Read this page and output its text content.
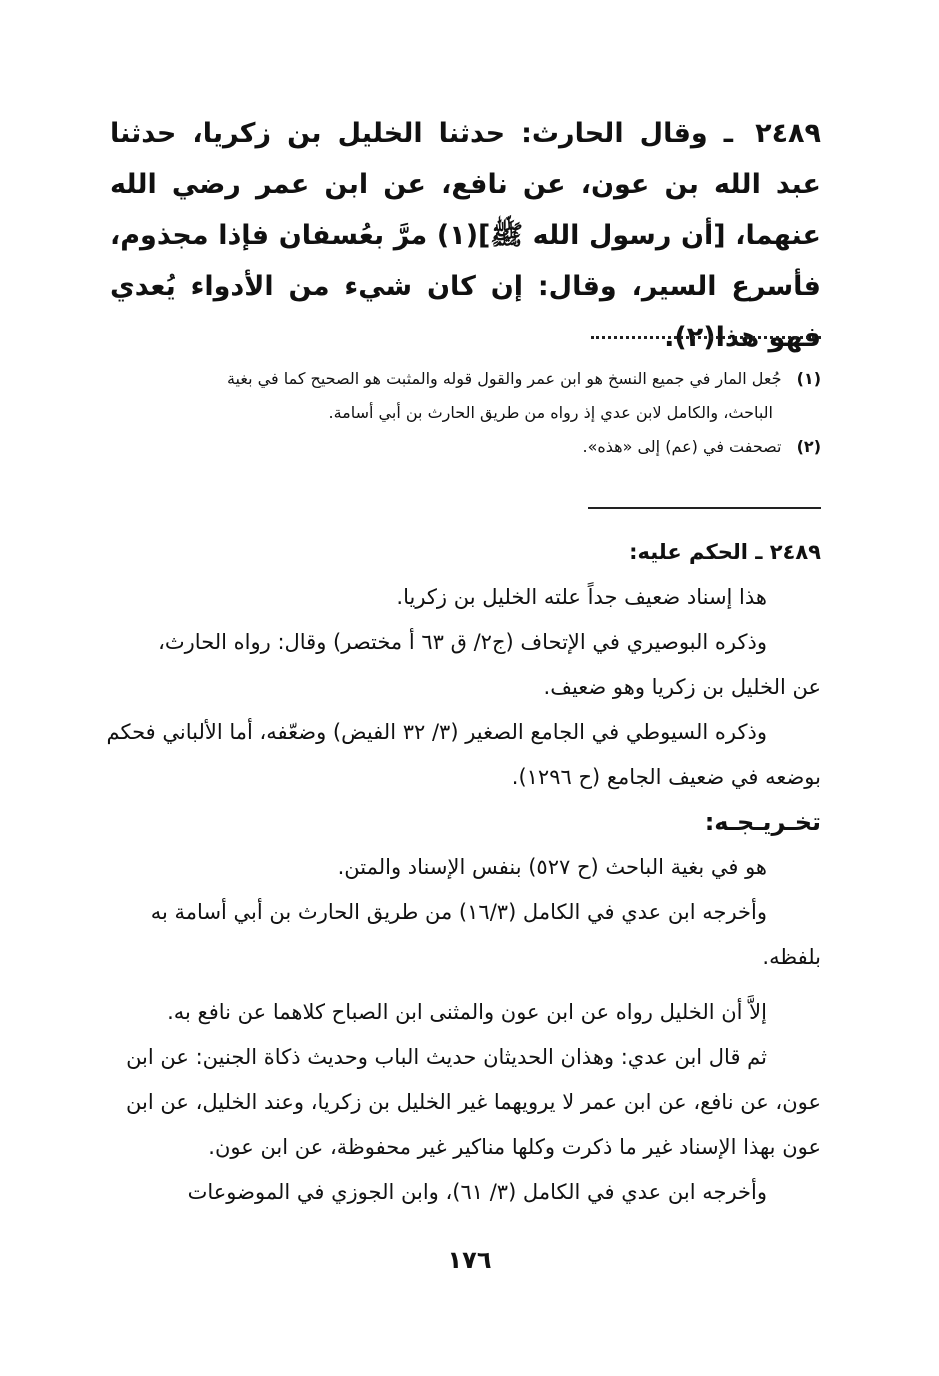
٢٤٨٩ ـ وقال الحارث: حدثنا الخليل بن زكريا، حدثنا عبد الله بن عون، عن نافع، عن ابن عمر رضي الله عنهما، [أن رسول الله ﷺ](١) مرَّ بعُسفان فإذا مجذوم، فأسرع السير، وقال: إن كان شيء من الأدواء يُعدي فهو هذا(٢).

(١) جُعل المار في جميع النسخ هو ابن عمر والقول قوله والمثبت هو الصحيح كما في بغية

الباحث، والكامل لابن عدي إذ رواه من طريق الحارث بن أبي أسامة.

(٢) تصحفت في (عم) إلى «هذه».

٢٤٨٩ ـ الحكم عليه:

هذا إسناد ضعيف جداً علته الخليل بن زكريا.

وذكره البوصيري في الإتحاف (ج٢/ ق ٦٣ أ مختصر) وقال: رواه الحارث،

عن الخليل بن زكريا وهو ضعيف.

وذكره السيوطي في الجامع الصغير (٣/ ٣٢ الفيض) وضعّفه، أما الألباني فحكم

بوضعه في ضعيف الجامع (ح ١٢٩٦).

تخـريـجـه:

هو في بغية الباحث (ح ٥٢٧) بنفس الإسناد والمتن.

وأخرجه ابن عدي في الكامل (١٦/٣) من طريق الحارث بن أبي أسامة به

بلفظه.

إلاَّ أن الخليل رواه عن ابن عون والمثنى ابن الصباح كلاهما عن نافع به.

ثم قال ابن عدي: وهذان الحديثان حديث الباب وحديث ذكاة الجنين: عن ابن

عون، عن نافع، عن ابن عمر لا يرويهما غير الخليل بن زكريا، وعند الخليل، عن ابن

عون بهذا الإسناد غير ما ذكرت وكلها مناكير غير محفوظة، عن ابن عون.

وأخرجه ابن عدي في الكامل (٣/ ٦١)، وابن الجوزي في الموضوعات

١٧٦
